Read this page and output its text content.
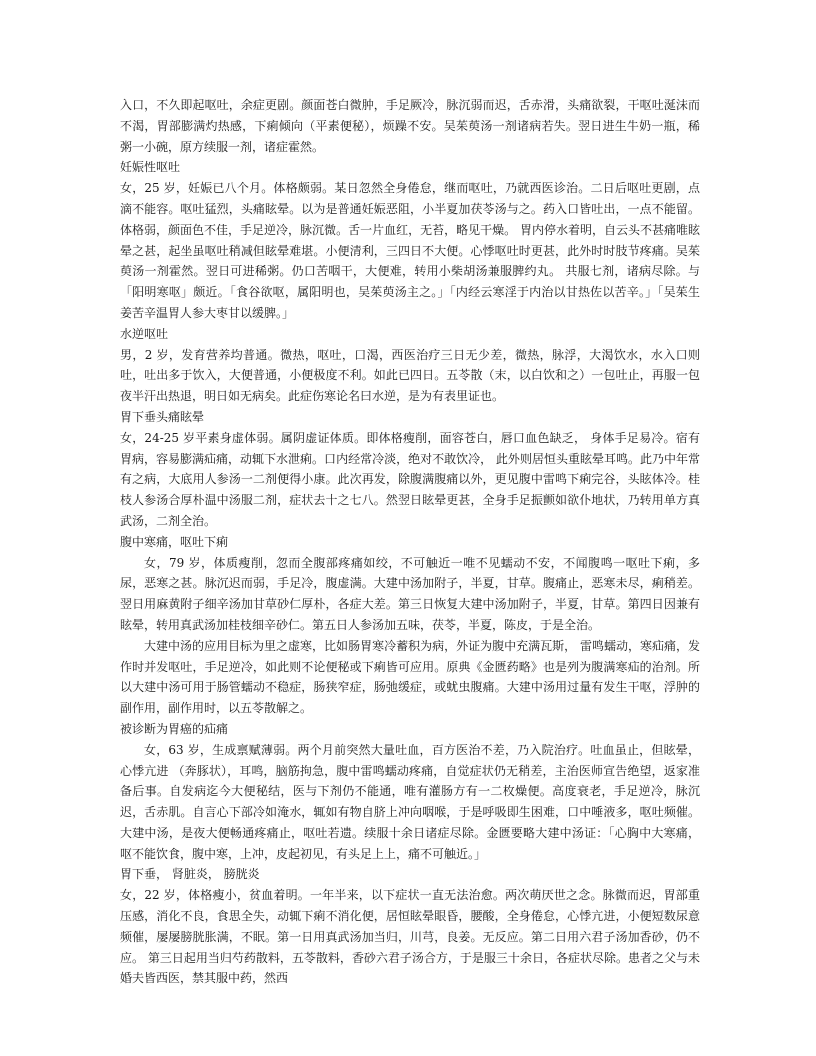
入口，不久即起呕吐，余症更剧。颜面苍白微肿，手足厥冷，脉沉弱而迟，舌赤滑，头痛欲裂，干呕吐涎沫而不渴，胃部膨满灼热感，下痢倾向（平素便秘），烦躁不安。吴茱萸汤一剂诸病若失。翌日进生牛奶一瓶，稀粥一小碗，原方续服一剂，诸症霍然。

妊娠性呕吐

女，25 岁，妊娠已八个月。体格颇弱。某日忽然全身倦怠，继而呕吐，乃就西医诊治。二日后呕吐更剧，点滴不能容。呕吐猛烈，头痛眩晕。以为是普通妊娠恶阻，小半夏加茯苓汤与之。药入口皆吐出，一点不能留。体格弱，颜面色不佳，手足逆冷，脉沉微。舌一片血红，无苔，略见干燥。 胃内停水着明，自云头不甚痛唯眩晕之甚，起坐虽呕吐稍减但眩晕难堪。小便清利，三四日不大便。心悸呕吐时更甚，此外时时肢节疼痛。吴茱萸汤一剂霍然。翌日可进稀粥。仍口苦咽干，大便难，转用小柴胡汤兼服脾约丸。 共服七剂，诸病尽除。与「阳明寒呕」颇近。「食谷欲呕，属阳明也，吴茱萸汤主之。」「内经云寒淫于内治以甘热佐以苦辛。」「吴茱生姜苦辛温胃人参大枣甘以缓脾。」

水逆呕吐

男，2 岁，发育营养均普通。微热，呕吐，口渴，西医治疗三日无少差，微热，脉浮，大渴饮水，水入口则吐，吐出多于饮入，大便普通，小便极度不利。如此已四日。五苓散（末，以白饮和之）一包吐止，再服一包夜半汗出热退，明日如无病矣。此症伤寒论名曰水逆，是为有表里证也。

胃下垂头痛眩晕

女，24-25 岁平素身虚体弱。属阴虚证体质。即体格瘦削，面容苍白，唇口血色缺乏， 身体手足易冷。宿有胃病，容易膨满疝痛，动辄下水泄痢。口内经常冷淡，绝对不敢饮冷， 此外则居恒头重眩晕耳鸣。此乃中年常有之病，大底用人参汤一二剂便得小康。此次再发，除腹满腹痛以外，更见腹中雷鸣下痢完谷，头眩体冷。桂枝人参汤合厚朴温中汤服二剂，症状去十之七八。然翌日眩晕更甚，全身手足振颤如欲仆地状，乃转用单方真武汤，二剂全治。

腹中寒痛，呕吐下痢

女，79 岁，体质瘦削，忽而全腹部疼痛如绞，不可触近一唯不见蠕动不安，不闻腹鸣一呕吐下痢，多尿，恶寒之甚。脉沉迟而弱，手足冷，腹虚满。大建中汤加附子，半夏，甘草。腹痛止，恶寒未尽，痢稍差。翌日用麻黄附子细辛汤加甘草砂仁厚朴，各症大差。第三日恢复大建中汤加附子，半夏，甘草。第四日因兼有眩晕，转用真武汤加桂枝细辛砂仁。第五日人参汤加五味，茯苓，半夏，陈皮，于是全治。

大建中汤的应用目标为里之虚寒，比如肠胃寒冷蓄积为病，外证为腹中充满瓦斯， 雷鸣蠕动，寒疝痛，发作时并发呕吐，手足逆冷，如此则不论便秘或下痢皆可应用。原典《金匮药略》也是列为腹满寒疝的治剂。所以大建中汤可用于肠管蠕动不稳症，肠狭窄症，肠弛缓症，或蚘虫腹痛。大建中汤用过量有发生干呕，浮肿的副作用，副作用时，以五苓散解之。

被诊断为胃癌的疝痛

女，63 岁，生成禀赋薄弱。两个月前突然大量吐血，百方医治不差，乃入院治疗。吐血虽止，但眩晕，心悸亢进 （奔豚状），耳鸣，脑筋拘急，腹中雷鸣蠕动疼痛，自觉症状仍无稍差，主治医师宣告绝望，返家准备后事。自发病迄今大便秘结，医与下剂仍不能通，唯有灌肠方有一二枚燥便。高度衰老，手足逆冷，脉沉迟，舌赤肌。自言心下部冷如淹水，辄如有物自脐上冲向咽喉，于是呼吸即生困难，口中唾液多，呕吐频催。大建中汤，是夜大便畅通疼痛止，呕吐若遗。续服十余日诸症尽除。金匮要略大建中汤证：「心胸中大寒痛，呕不能饮食，腹中寒，上冲，皮起初见，有头足上上，痛不可触近。」

胃下垂， 肾脏炎， 膀胱炎

女，22 岁，体格瘦小，贫血着明。一年半来，以下症状一直无法治愈。两次萌厌世之念。脉微而迟，胃部重压感，消化不良，食思全失，动辄下痢不消化便，居恒眩晕眼昏，腰酸，全身倦怠，心悸亢进，小便短数尿意频催，屡屡膀胱胀满，不眠。第一日用真武汤加当归，川芎，良姜。无反应。第二日用六君子汤加香砂，仍不应。 第三日起用当归芍药散料，五苓散料，香砂六君子汤合方，于是服三十余日，各症状尽除。患者之父与未婚夫皆西医，禁其服中药，然西
